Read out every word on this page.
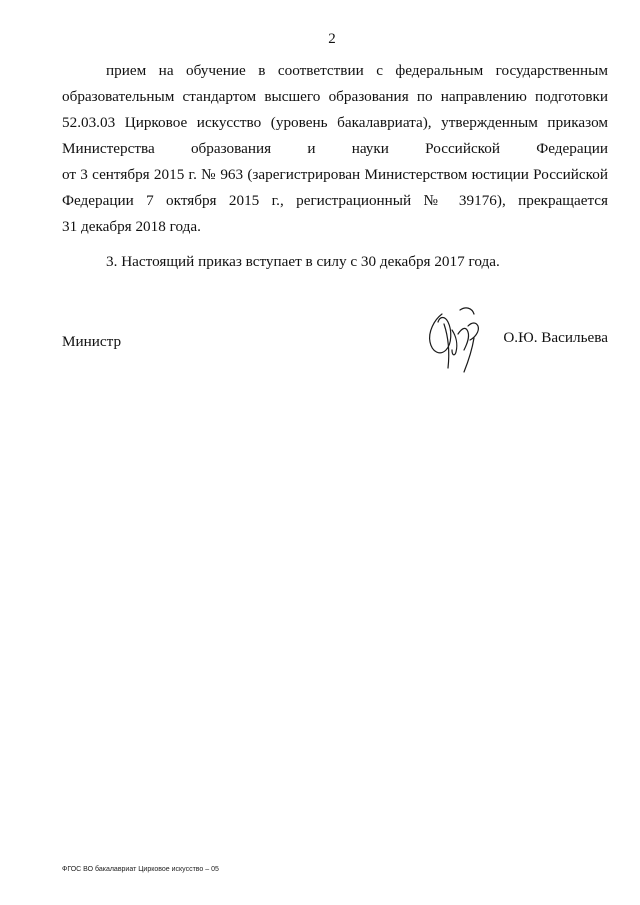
2
прием на обучение в соответствии с федеральным государственным
образовательным стандартом высшего образования по направлению подготовки
52.03.03 Цирковое искусство (уровень бакалавриата), утвержденным приказом
Министерства образования и науки Российской Федерации
от 3 сентября 2015 г. № 963 (зарегистрирован Министерством юстиции Российской
Федерации 7 октября 2015 г., регистрационный № 39176), прекращается
31 декабря 2018 года.
3. Настоящий приказ вступает в силу с 30 декабря 2017 года.
Министр	О.Ю. Васильева
ФГОС ВО бакалавриат Цирковое искусство – 05
